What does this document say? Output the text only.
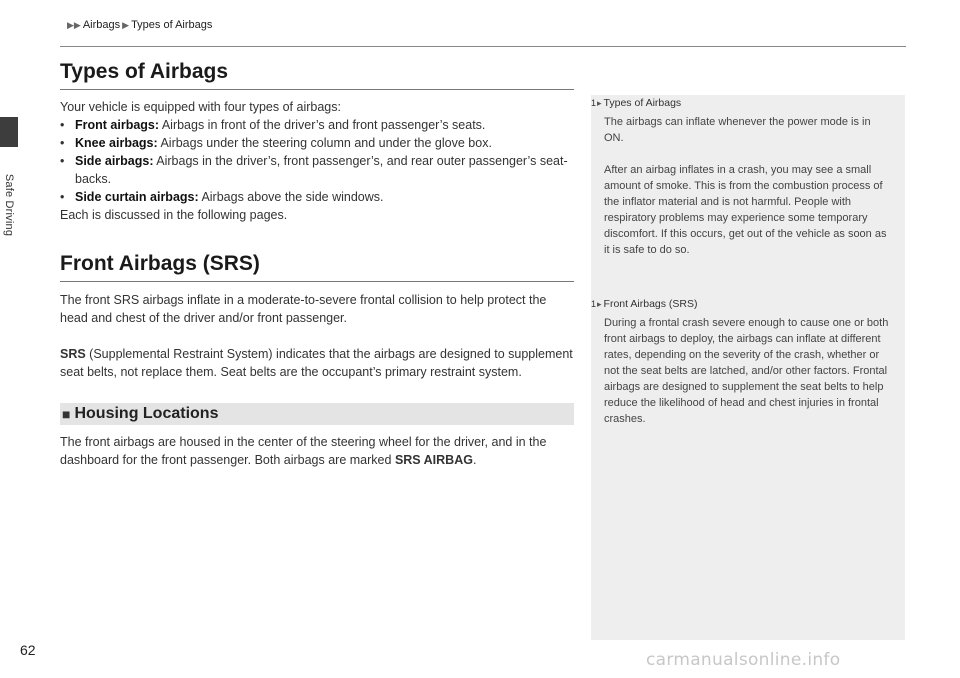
Safe Driving
▶▶ Airbags ▶ Types of Airbags
Types of Airbags

Your vehicle is equipped with four types of airbags:

• Front airbags: Airbags in front of the driver’s and front passenger’s seats.
• Knee airbags: Airbags under the steering column and under the glove box.
• Side airbags: Airbags in the driver’s, front passenger’s, and rear outer passenger’s seat-backs.
• Side curtain airbags: Airbags above the side windows.

Each is discussed in the following pages.

Front Airbags (SRS)

The front SRS airbags inflate in a moderate-to-severe frontal collision to help protect the head and chest of the driver and/or front passenger.

SRS (Supplemental Restraint System) indicates that the airbags are designed to supplement seat belts, not replace them. Seat belts are the occupant’s primary restraint system.

■ Housing Locations

The front airbags are housed in the center of the steering wheel for the driver, and in the dashboard for the front passenger. Both airbags are marked SRS AIRBAG.

1 ▸ Types of Airbags

The airbags can inflate whenever the power mode is in ON.

After an airbag inflates in a crash, you may see a small amount of smoke. This is from the combustion process of the inflator material and is not harmful. People with respiratory problems may experience some temporary discomfort. If this occurs, get out of the vehicle as soon as it is safe to do so.

1 ▸ Front Airbags (SRS)

During a frontal crash severe enough to cause one or both front airbags to deploy, the airbags can inflate at different rates, depending on the severity of the crash, whether or not the seat belts are latched, and/or other factors. Frontal airbags are designed to supplement the seat belts to help reduce the likelihood of head and chest injuries in frontal crashes.

62	carmanualsonline.info
